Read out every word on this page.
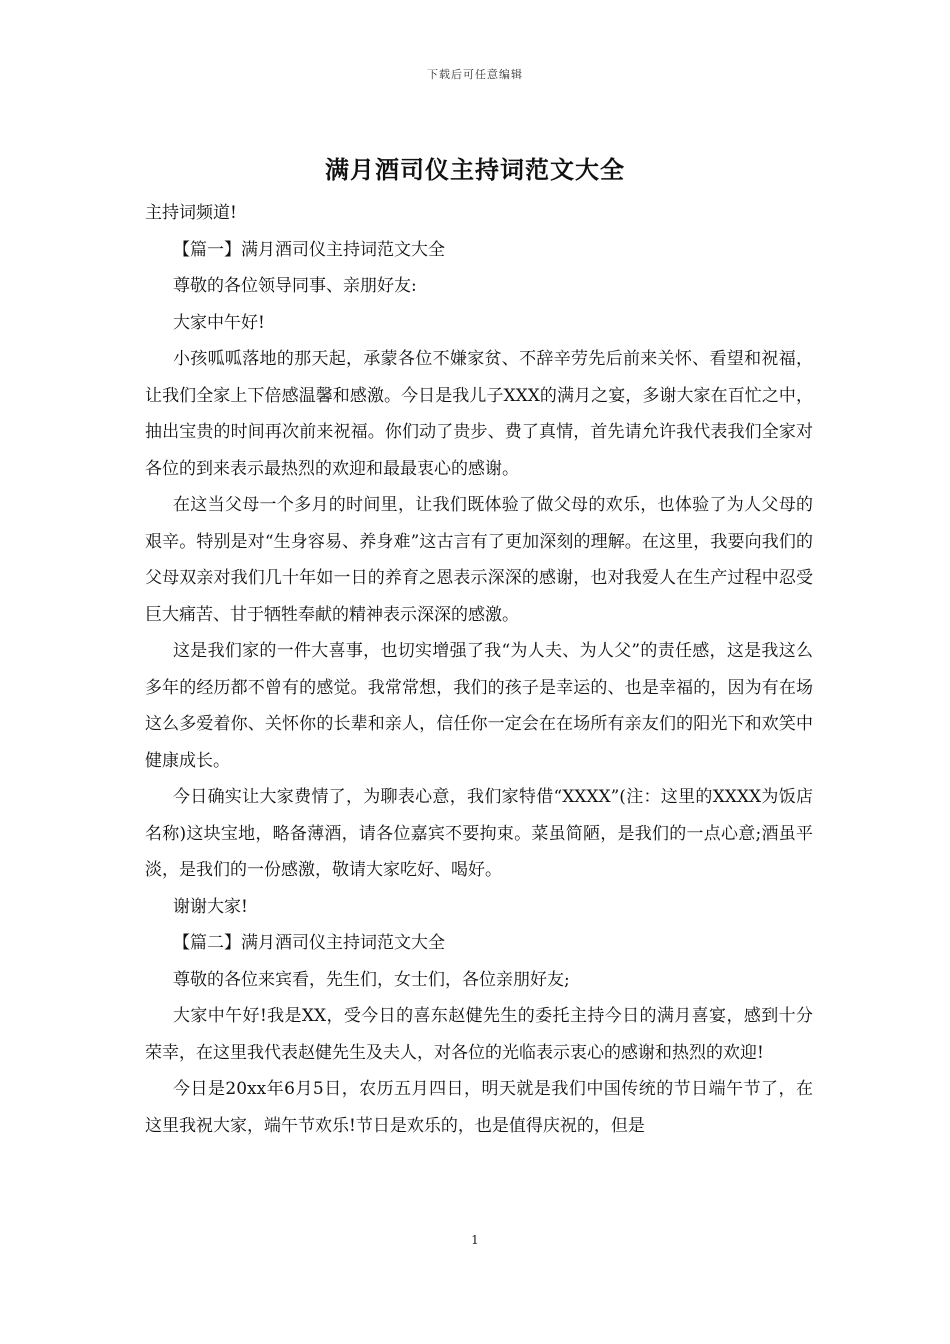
下载后可任意编辑
满月酒司仪主持词范文大全

主持词频道!

【篇一】满月酒司仪主持词范文大全

尊敬的各位领导同事、亲朋好友:

大家中午好!

小孩呱呱落地的那天起，承蒙各位不嫌家贫、不辞辛劳先后前来关怀、看望和祝福，让我们全家上下倍感温馨和感激。今日是我儿子XXX的满月之宴，多谢大家在百忙之中，抽出宝贵的时间再次前来祝福。你们动了贵步、费了真情，首先请允许我代表我们全家对各位的到来表示最热烈的欢迎和最最衷心的感谢。

在这当父母一个多月的时间里，让我们既体验了做父母的欢乐，也体验了为人父母的艰辛。特别是对“生身容易、养身难”这古言有了更加深刻的理解。在这里，我要向我们的父母双亲对我们几十年如一日的养育之恩表示深深的感谢，也对我爱人在生产过程中忍受巨大痛苦、甘于牺牲奉献的精神表示深深的感激。

这是我们家的一件大喜事，也切实增强了我“为人夫、为人父”的责任感，这是我这么多年的经历都不曾有的感觉。我常常想，我们的孩子是幸运的、也是幸福的，因为有在场这么多爱着你、关怀你的长辈和亲人，信任你一定会在在场所有亲友们的阳光下和欢笑中健康成长。

今日确实让大家费情了，为聊表心意，我们家特借“XXXX”(注：这里的XXXX为饭店名称)这块宝地，略备薄酒，请各位嘉宾不要拘束。菜虽简陋，是我们的一点心意;酒虽平淡，是我们的一份感激，敬请大家吃好、喝好。

谢谢大家!

【篇二】满月酒司仪主持词范文大全

尊敬的各位来宾看，先生们，女士们，各位亲朋好友;

大家中午好!我是XX，受今日的喜东赵健先生的委托主持今日的满月喜宴，感到十分荣幸，在这里我代表赵健先生及夫人，对各位的光临表示衷心的感谢和热烈的欢迎!

今日是20xx年6月5日，农历五月四日，明天就是我们中国传统的节日端午节了，在这里我祝大家，端午节欢乐!节日是欢乐的，也是值得庆祝的，但是

1
